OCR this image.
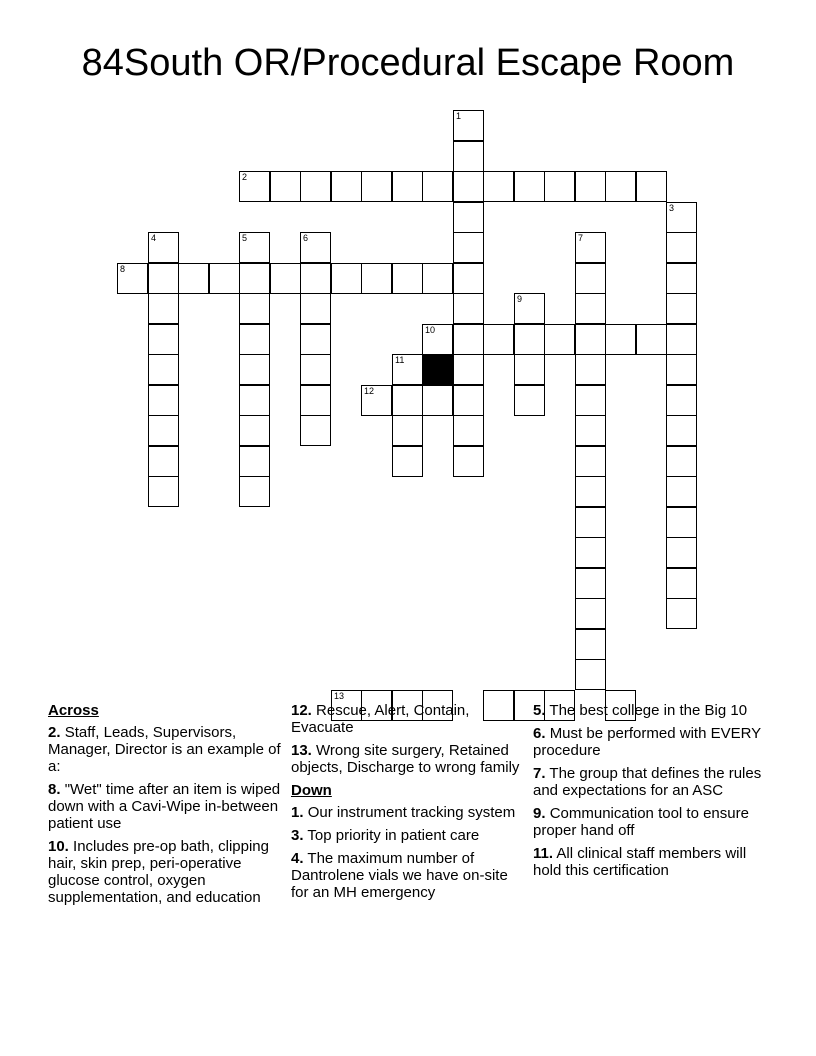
84South OR/Procedural Escape Room
1
2
3
4	5	6	7
8
9
10
11
12
13
Across
2. Staff, Leads, Supervisors, Manager, Director is an example of a:
8. "Wet" time after an item is wiped down with a Cavi-Wipe in-between patient use
10. Includes pre-op bath, clipping hair, skin prep, peri-operative glucose control, oxygen supplementation, and education
12. Rescue, Alert, Contain, Evacuate
13. Wrong site surgery, Retained objects, Discharge to wrong family
Down
1. Our instrument tracking system
3. Top priority in patient care
4. The maximum number of Dantrolene vials we have on-site for an MH emergency
5. The best college in the Big 10
6. Must be performed with EVERY procedure
7. The group that defines the rules and expectations for an ASC
9. Communication tool to ensure proper hand off
11. All clinical staff members will hold this certification
